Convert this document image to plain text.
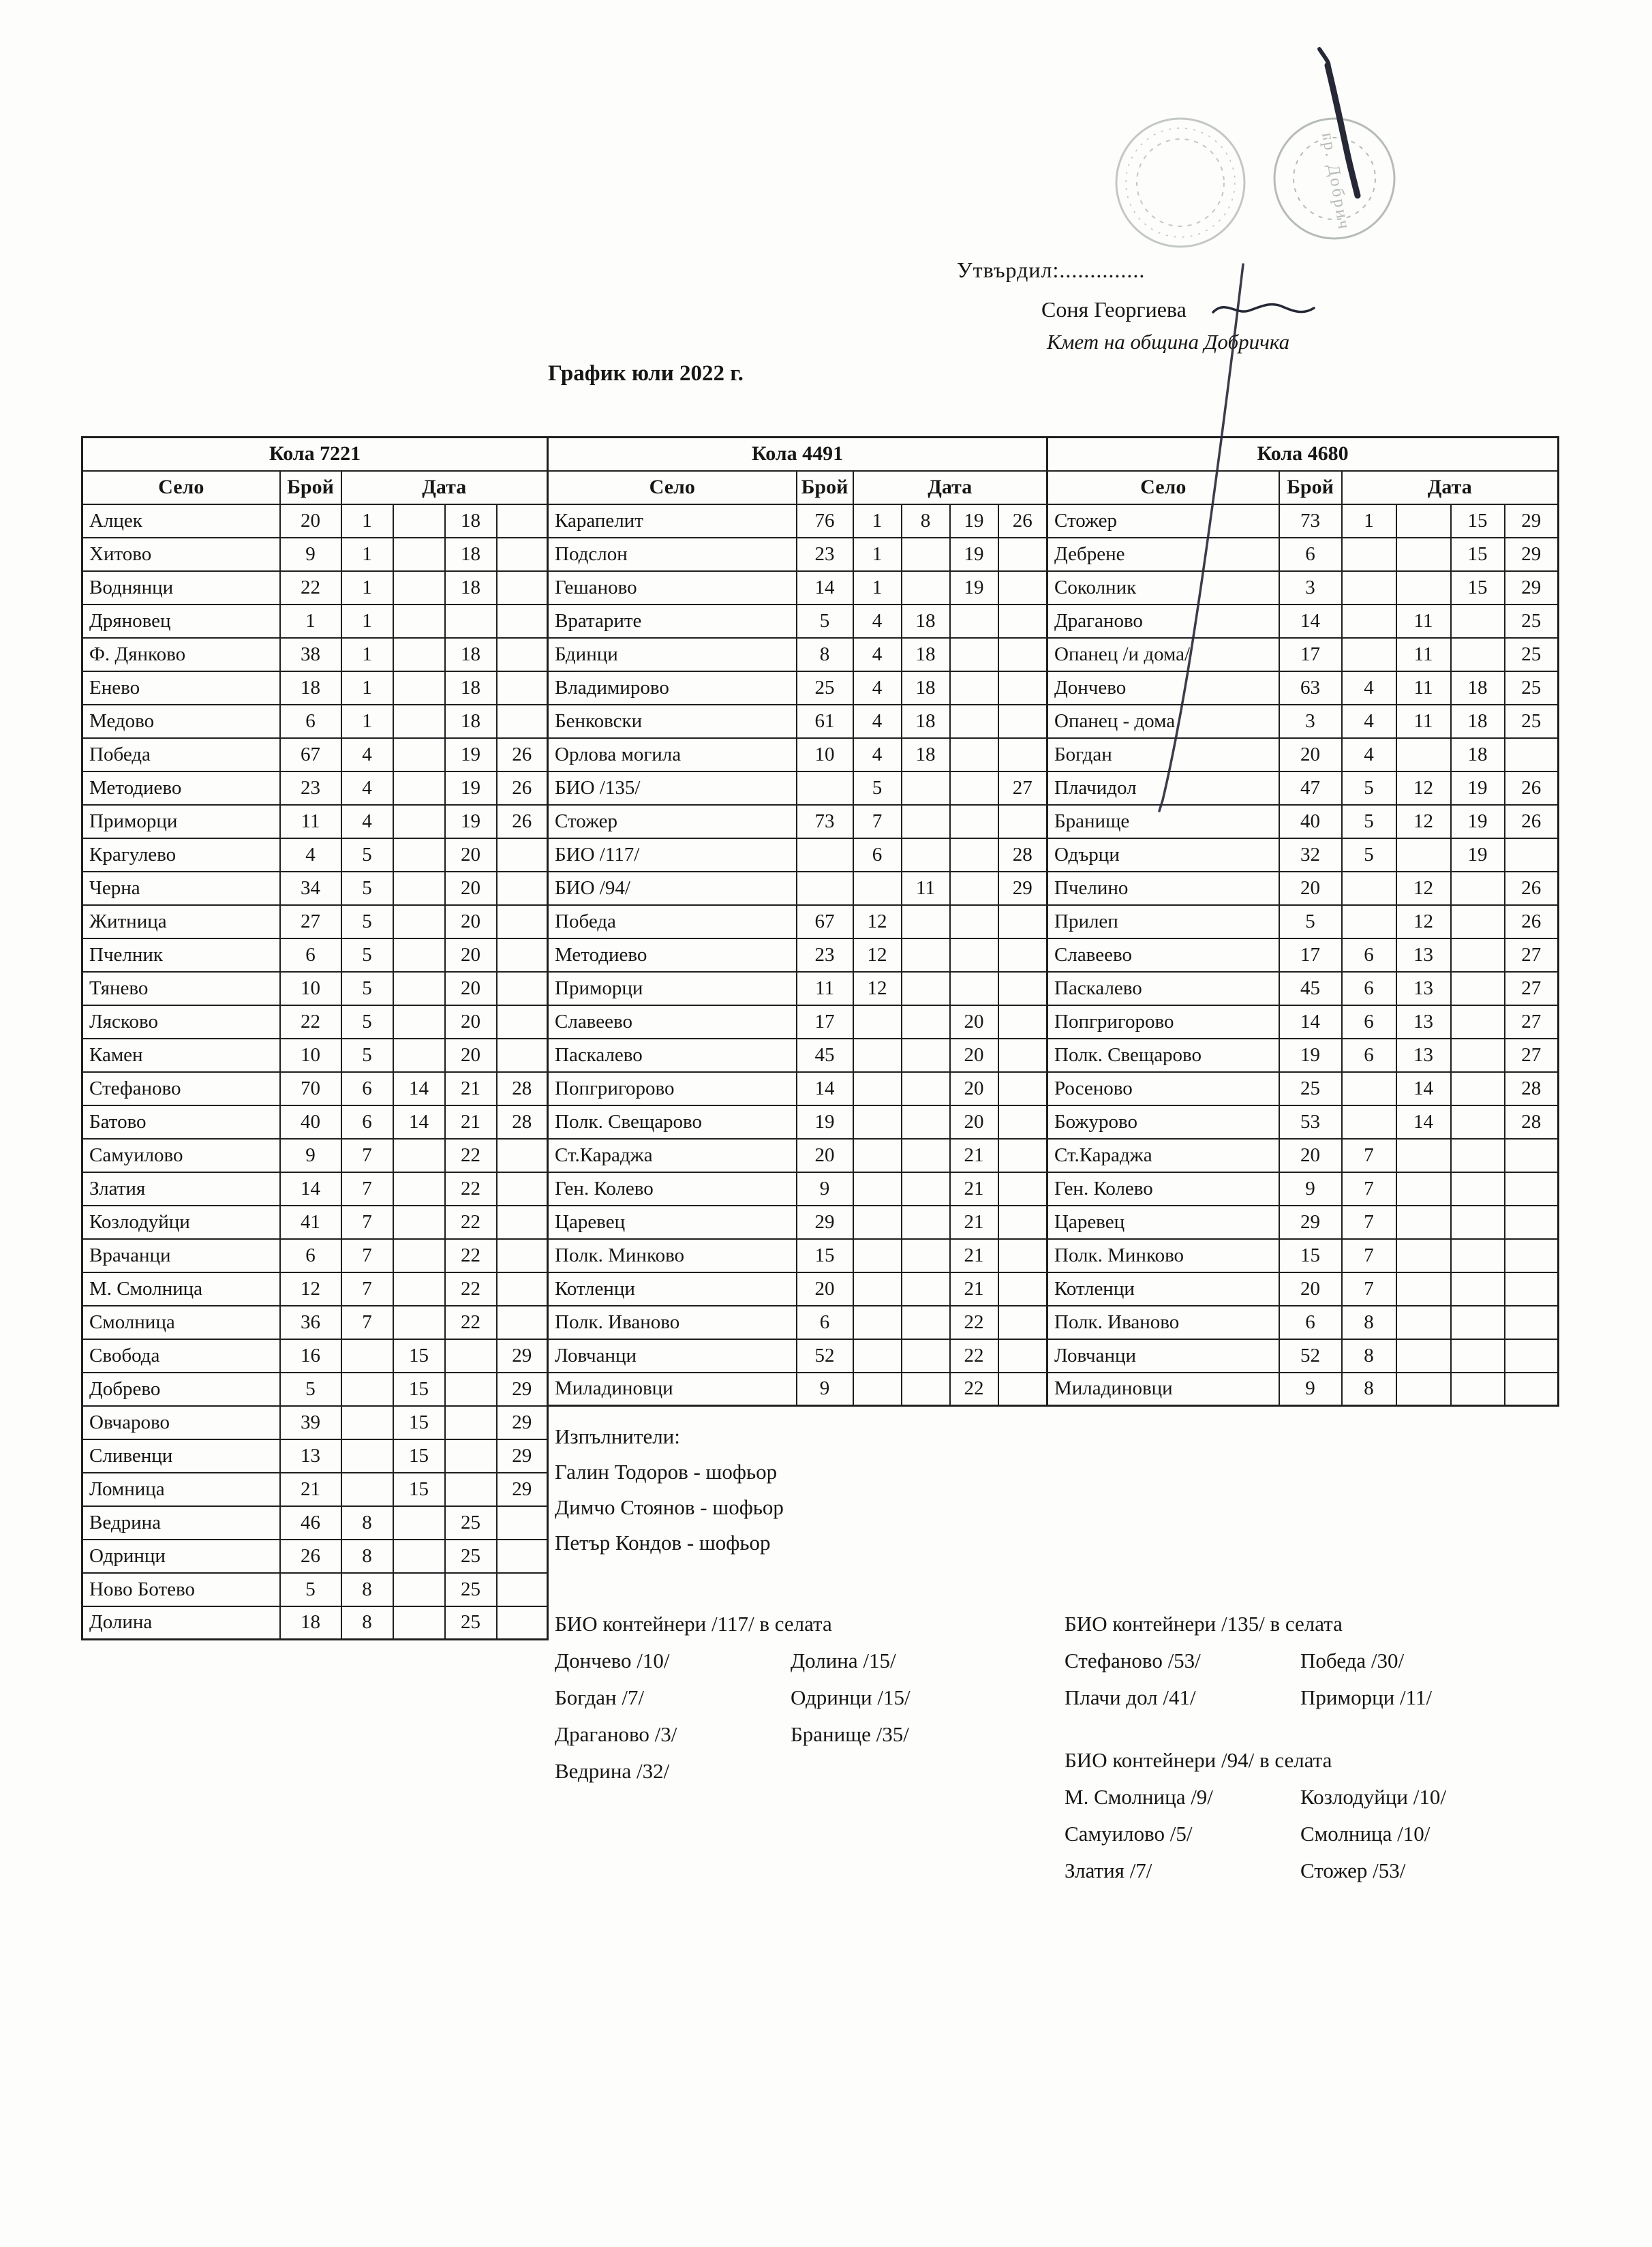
гр. Добрич
Утвърдил:..............
Соня Георгиева
Кмет на община Добричка
График юли 2022 г.
Кола 7221					
Село	Брой	Дата			
Алцек	20	1		18	
Хитово	9	1		18	
Воднянци	22	1		18	
Дряновец	1	1			
Ф. Дянково	38	1		18	
Енево	18	1		18	
Медово	6	1		18	
Победа	67	4		19	26
Методиево	23	4		19	26
Приморци	11	4		19	26
Крагулево	4	5		20	
Черна	34	5		20	
Житница	27	5		20	
Пчелник	6	5		20	
Тянево	10	5		20	
Лясково	22	5		20	
Камен	10	5		20	
Стефаново	70	6	14	21	28
Батово	40	6	14	21	28
Самуилово	9	7		22	
Златия	14	7		22	
Козлодуйци	41	7		22	
Врачанци	6	7		22	
М. Смолница	12	7		22	
Смолница	36	7		22	
Свобода	16		15		29
Добрево	5		15		29
Овчарово	39		15		29
Сливенци	13		15		29
Ломница	21		15		29
Ведрина	46	8		25	
Одринци	26	8		25	
Ново Ботево	5	8		25	
Долина	18	8		25	
Кола 4491					
Село	Брой	Дата			
Карапелит	76	1	8	19	26
Подслон	23	1		19	
Гешаново	14	1		19	
Вратарите	5	4	18		
Бдинци	8	4	18		
Владимирово	25	4	18		
Бенковски	61	4	18		
Орлова могила	10	4	18		
БИО /135/		5			27
Стожер	73	7			
БИО /117/		6			28
БИО /94/			11		29
Победа	67	12			
Методиево	23	12			
Приморци	11	12			
Славеево	17			20	
Паскалево	45			20	
Попгригорово	14			20	
Полк. Свещарово	19			20	
Ст.Караджа	20			21	
Ген. Колево	9			21	
Царевец	29			21	
Полк. Минково	15			21	
Котленци	20			21	
Полк. Иваново	6			22	
Ловчанци	52			22	
Миладиновци	9			22	
Кола 4680					
Село	Брой	Дата			
Стожер	73	1		15	29
Дебрене	6			15	29
Соколник	3			15	29
Драганово	14		11		25
Опанец /и дома/	17		11		25
Дончево	63	4	11	18	25
Опанец - дома	3	4	11	18	25
Богдан	20	4		18	
Плачидол	47	5	12	19	26
Бранище	40	5	12	19	26
Одърци	32	5		19	
Пчелино	20		12		26
Прилеп	5		12		26
Славеево	17	6	13		27
Паскалево	45	6	13		27
Попгригорово	14	6	13		27
Полк. Свещарово	19	6	13		27
Росеново	25		14		28
Божурово	53		14		28
Ст.Караджа	20	7			
Ген. Колево	9	7			
Царевец	29	7			
Полк. Минково	15	7			
Котленци	20	7			
Полк. Иваново	6	8			
Ловчанци	52	8			
Миладиновци	9	8			
Изпълнители:
Галин Тодоров - шофьор
Димчо Стоянов - шофьор
Петър Кондов - шофьор
БИО контейнери /117/ в селата
Дончево /10/	Долина /15/
Богдан /7/	Одринци /15/
Драганово /3/	Бранище /35/
Ведрина /32/
БИО контейнери /135/ в селата
Стефаново /53/	Победа /30/
Плачи дол /41/	Приморци /11/
БИО контейнери /94/ в селата
М. Смолница /9/	Козлодуйци /10/
Самуилово /5/	Смолница /10/
Златия /7/	Стожер /53/
